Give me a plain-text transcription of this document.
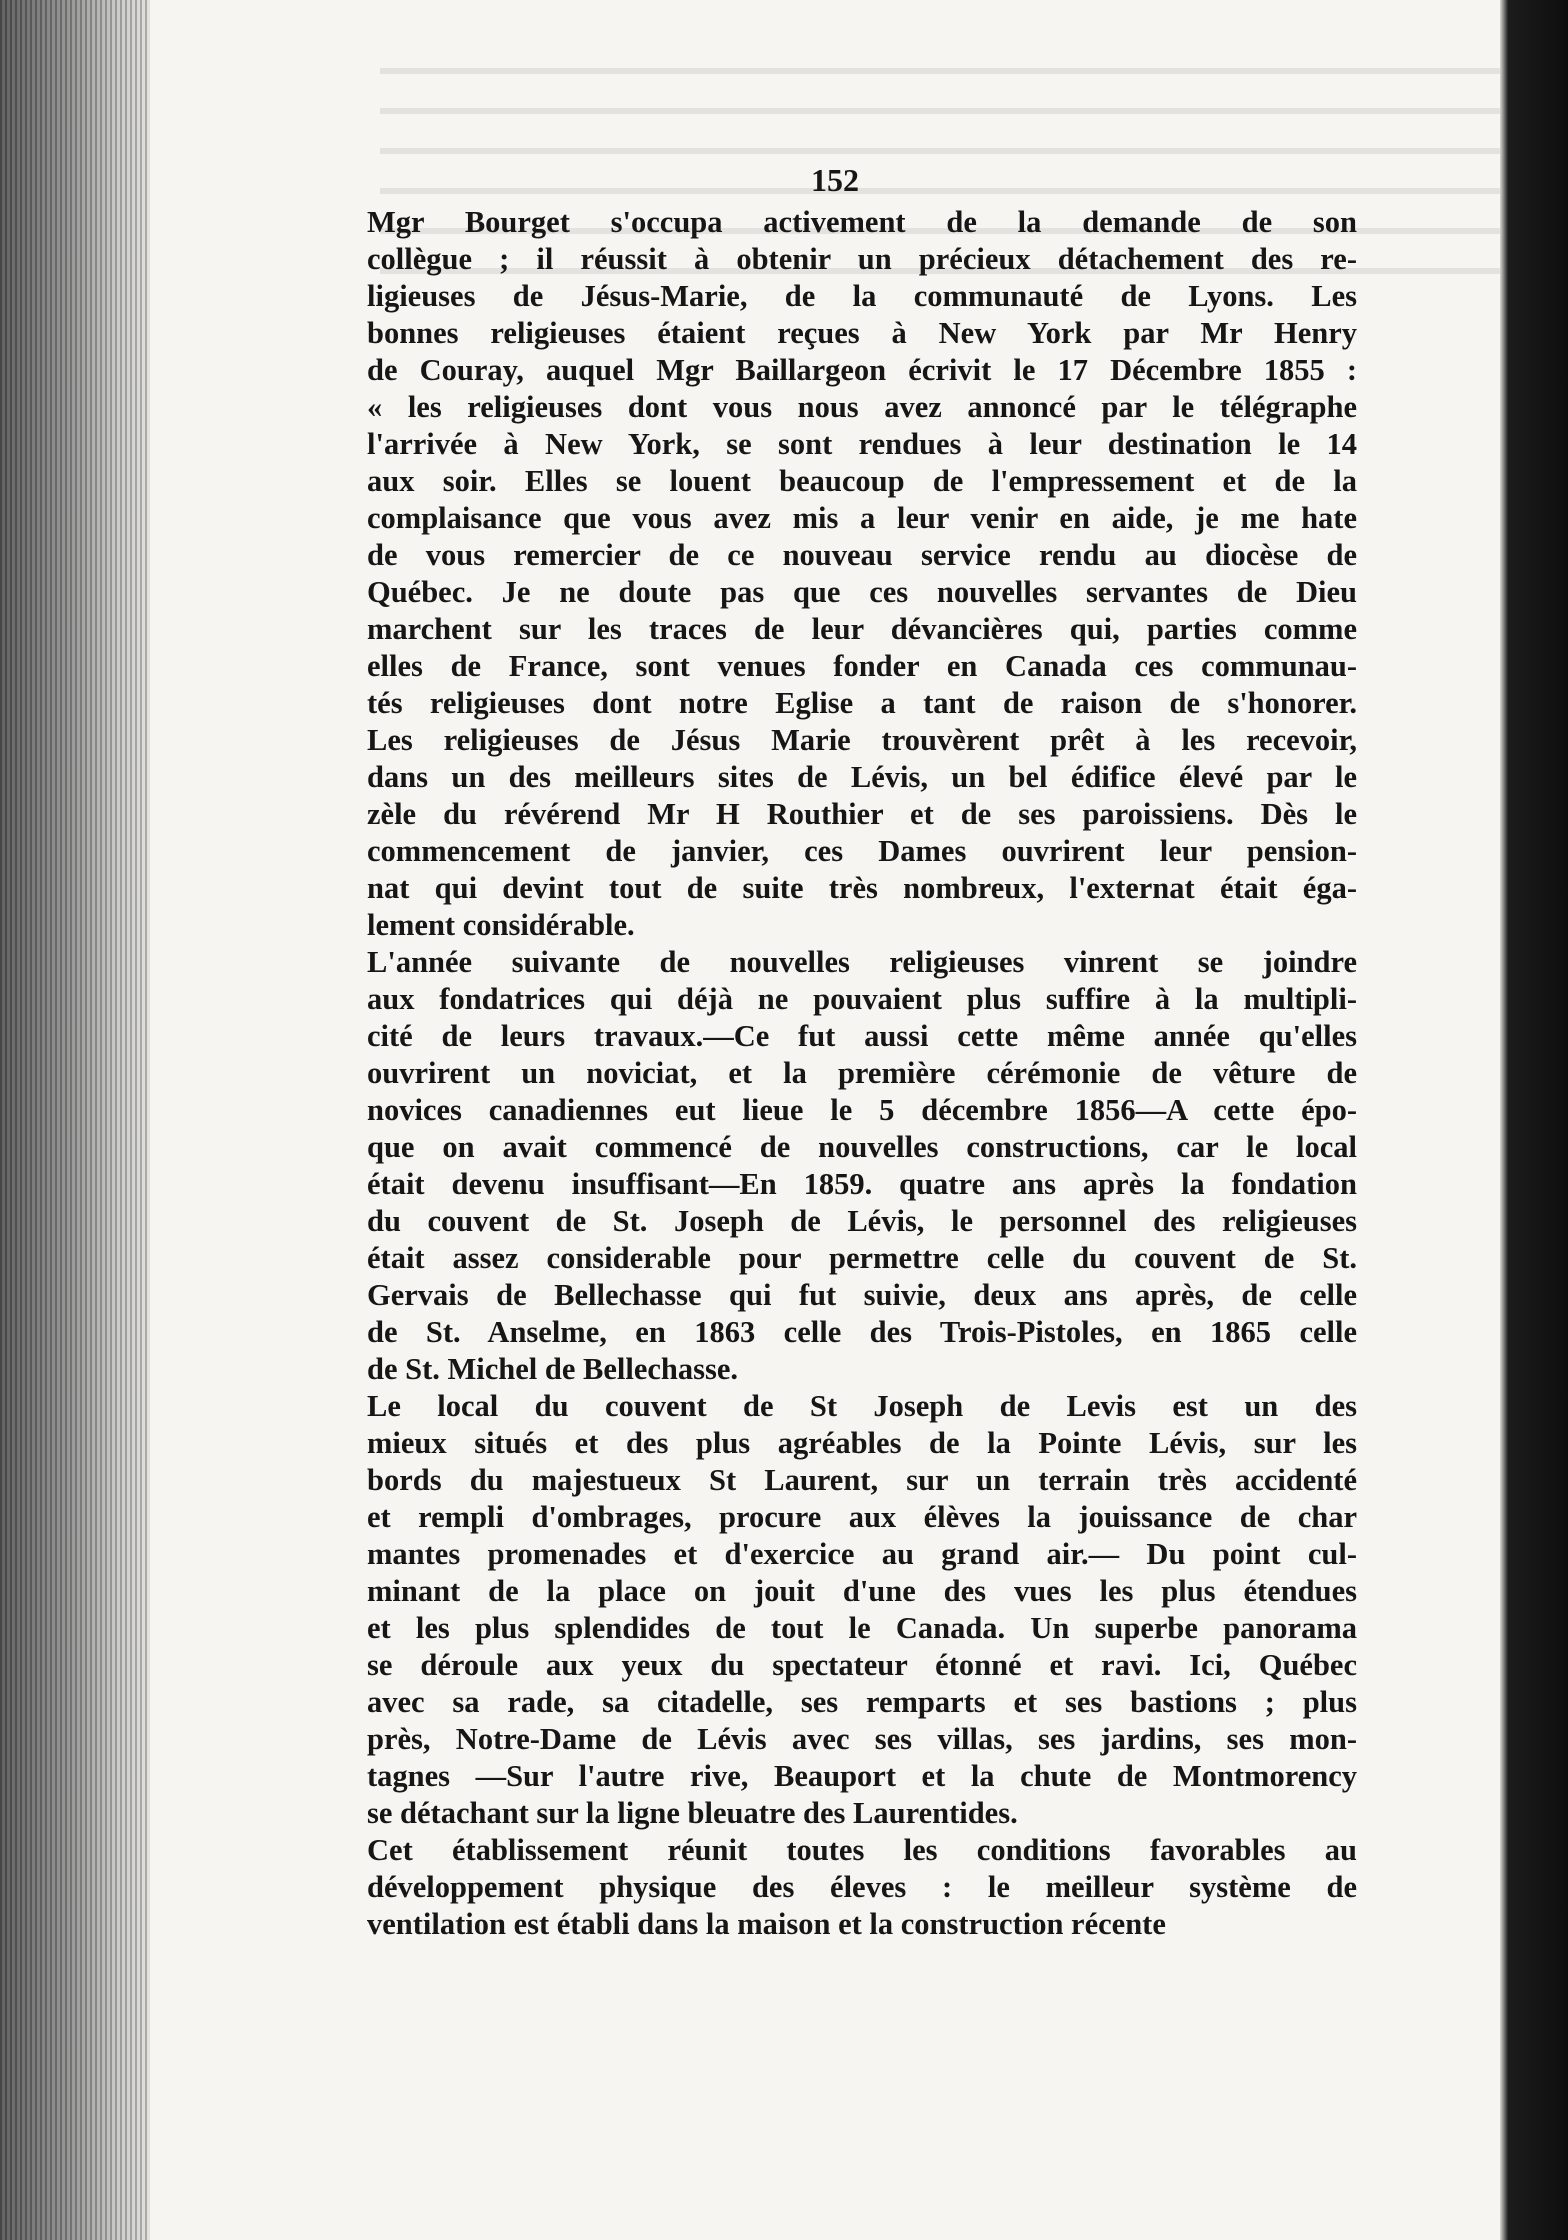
152

Mgr Bourget s'occupa activement de la demande de son
collègue ; il réussit à obtenir un précieux détachement des re-
ligieuses de Jésus-Marie, de la communauté de Lyons. Les
bonnes religieuses étaient reçues à New York par Mr Henry
de Couray, auquel Mgr Baillargeon écrivit le 17 Décembre 1855 :
« les religieuses dont vous nous avez annoncé par le télégraphe
l'arrivée à New York, se sont rendues à leur destination le 14
aux soir. Elles se louent beaucoup de l'empressement et de la
complaisance que vous avez mis a leur venir en aide, je me hate
de vous remercier de ce nouveau service rendu au diocèse de
Québec. Je ne doute pas que ces nouvelles servantes de Dieu
marchent sur les traces de leur dévancières qui, parties comme
elles de France, sont venues fonder en Canada ces communau-
tés religieuses dont notre Eglise a tant de raison de s'honorer.
Les religieuses de Jésus Marie trouvèrent prêt à les recevoir,
dans un des meilleurs sites de Lévis, un bel édifice élevé par le
zèle du révérend Mr H Routhier et de ses paroissiens. Dès le
commencement de janvier, ces Dames ouvrirent leur pension-
nat qui devint tout de suite très nombreux, l'externat était éga-
lement considérable.

L'année suivante de nouvelles religieuses vinrent se joindre
aux fondatrices qui déjà ne pouvaient plus suffire à la multipli-
cité de leurs travaux.—Ce fut aussi cette même année qu'elles
ouvrirent un noviciat, et la première cérémonie de vêture de
novices canadiennes eut lieue le 5 décembre 1856—A cette épo-
que on avait commencé de nouvelles constructions, car le local
était devenu insuffisant—En 1859. quatre ans après la fondation
du couvent de St. Joseph de Lévis, le personnel des religieuses
était assez considerable pour permettre celle du couvent de St.
Gervais de Bellechasse qui fut suivie, deux ans après, de celle
de St. Anselme, en 1863 celle des Trois-Pistoles, en 1865 celle
de St. Michel de Bellechasse.

Le local du couvent de St Joseph de Levis est un des
mieux situés et des plus agréables de la Pointe Lévis, sur les
bords du majestueux St Laurent, sur un terrain très accidenté
et rempli d'ombrages, procure aux élèves la jouissance de char
mantes promenades et d'exercice au grand air.— Du point cul-
minant de la place on jouit d'une des vues les plus étendues
et les plus splendides de tout le Canada. Un superbe panorama
se déroule aux yeux du spectateur étonné et ravi. Ici, Québec
avec sa rade, sa citadelle, ses remparts et ses bastions ; plus
près, Notre-Dame de Lévis avec ses villas, ses jardins, ses mon-
tagnes —Sur l'autre rive, Beauport et la chute de Montmorency
se détachant sur la ligne bleuatre des Laurentides.

Cet établissement réunit toutes les conditions favorables au
développement physique des éleves : le meilleur système de
ventilation est établi dans la maison et la construction récente
